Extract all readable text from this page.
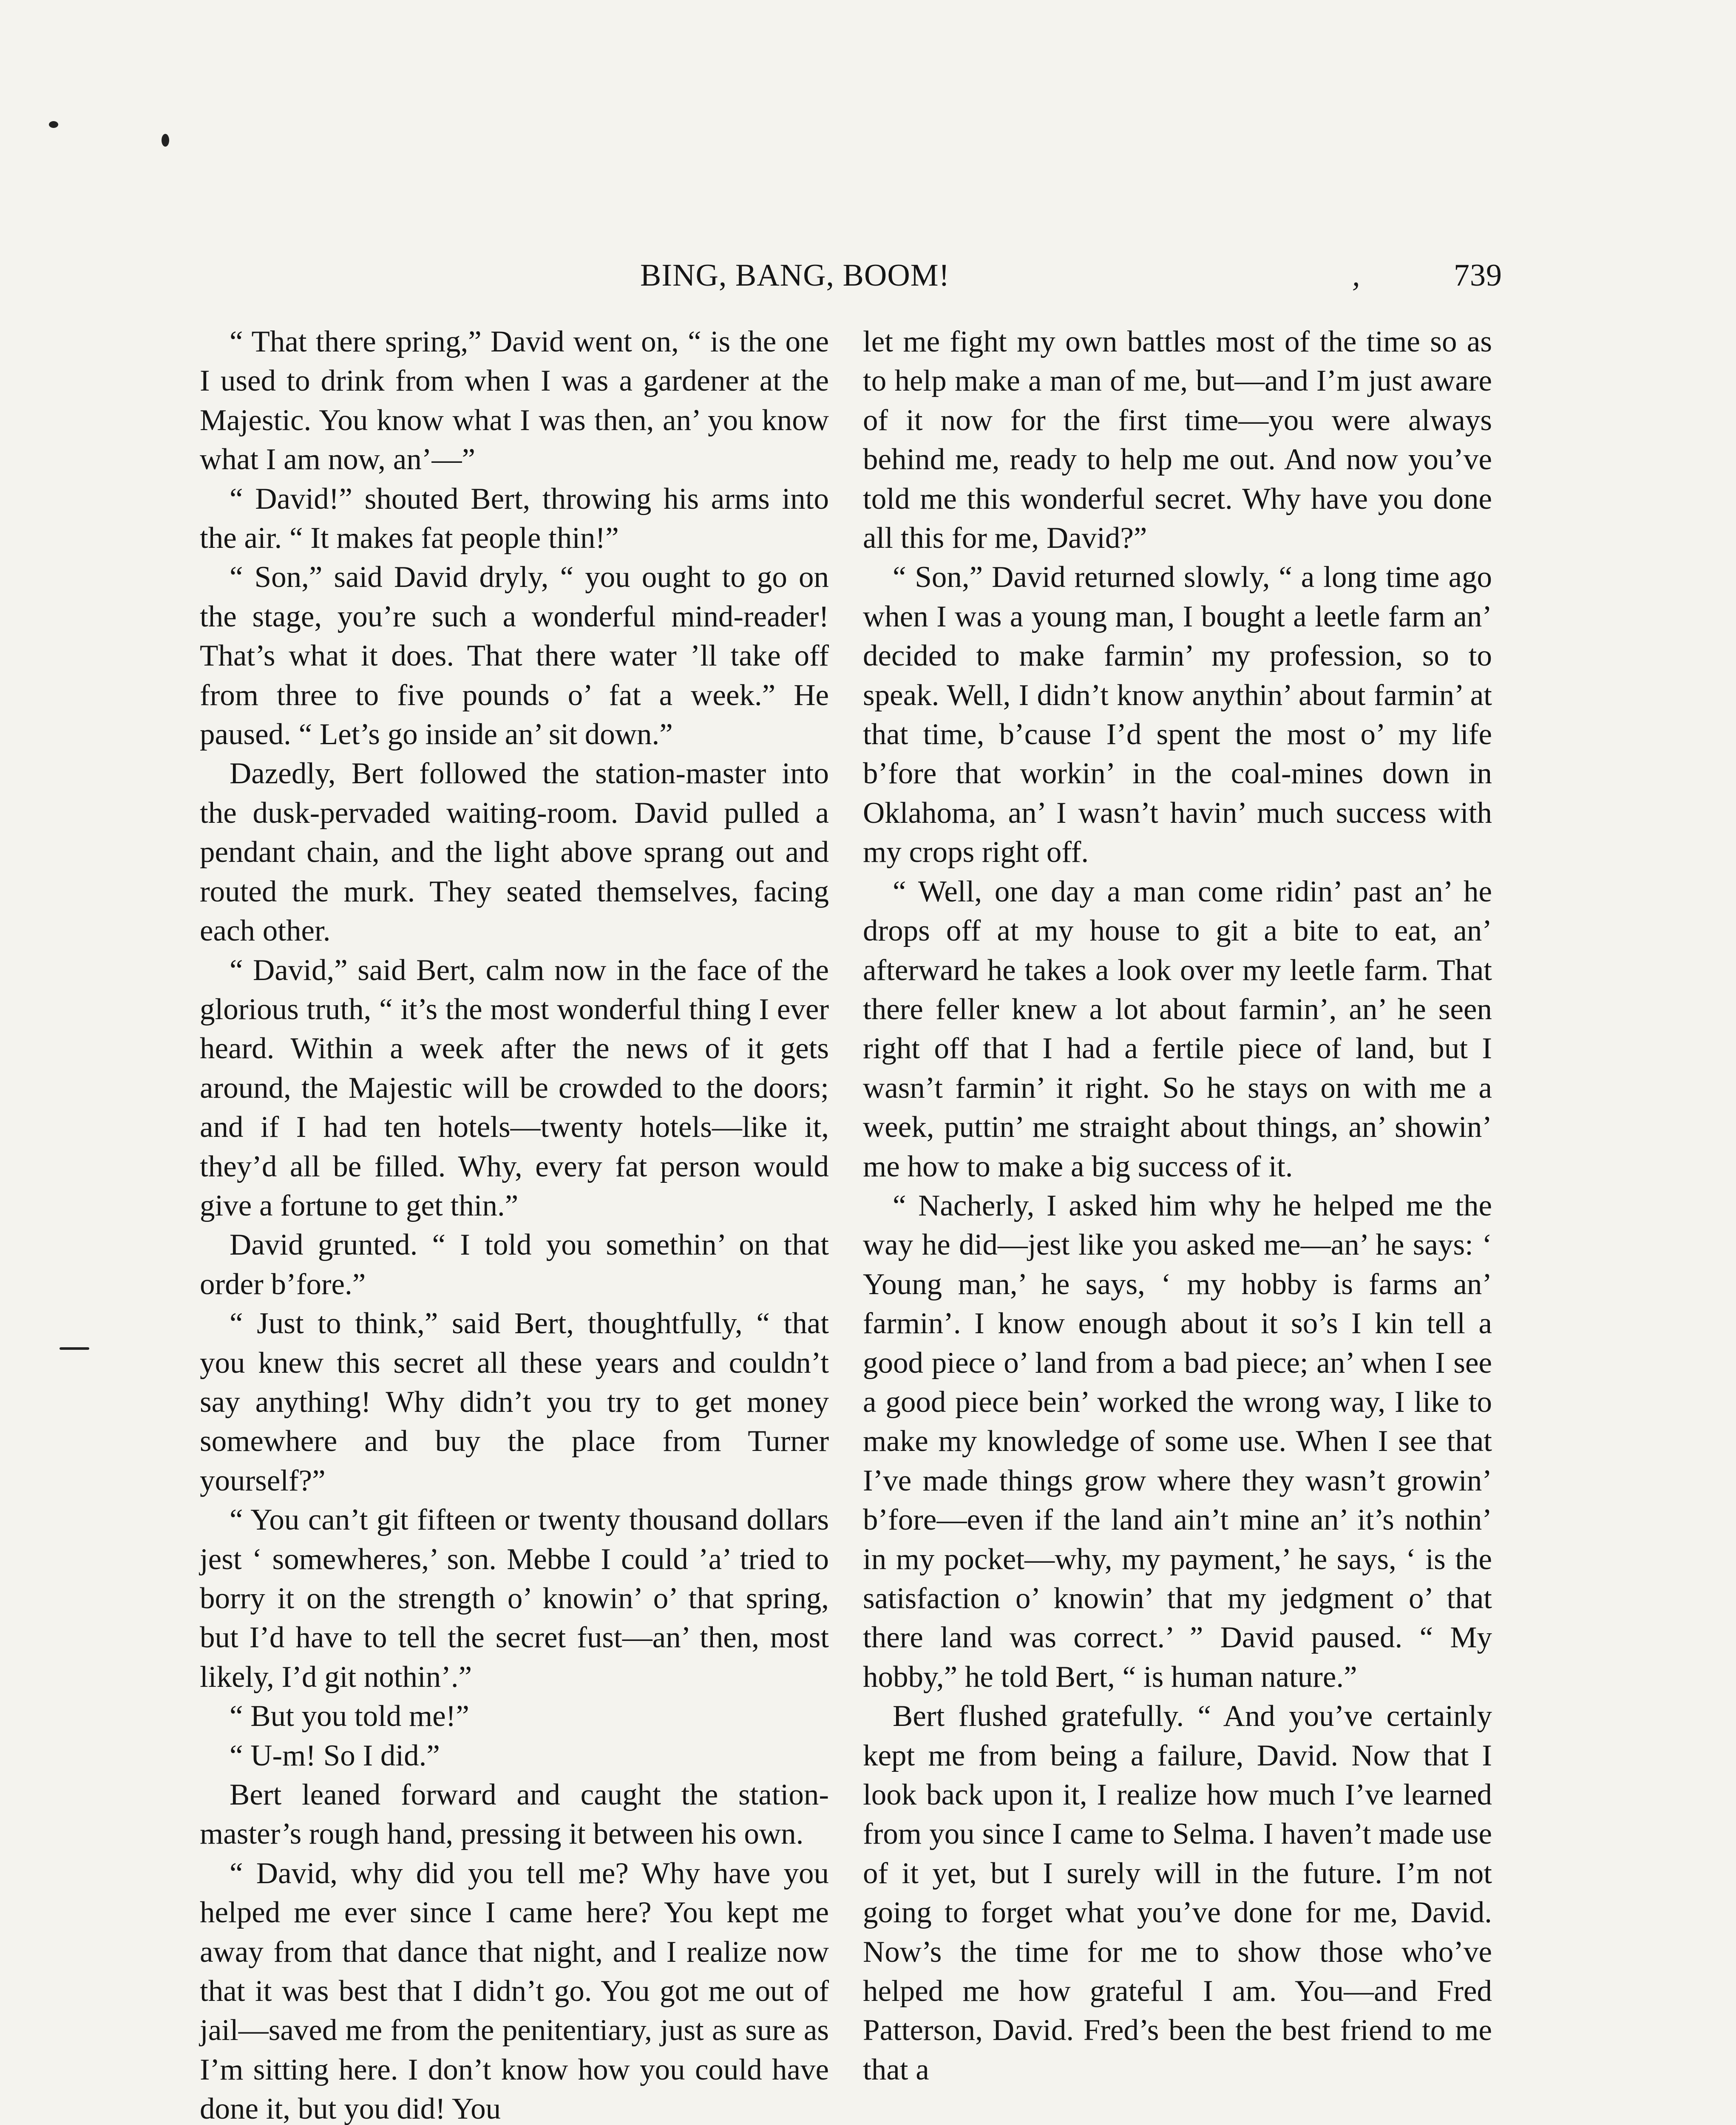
BING, BANG, BOOM!	,	739

“ That there spring,” David went on, “ is the one I used to drink from when I was a gardener at the Majestic. You know what I was then, an’ you know what I am now, an’—”

“ David!” shouted Bert, throwing his arms into the air. “ It makes fat people thin!”

“ Son,” said David dryly, “ you ought to go on the stage, you’re such a wonderful mind-reader! That’s what it does. That there water ’ll take off from three to five pounds o’ fat a week.” He paused. “ Let’s go inside an’ sit down.”

Dazedly, Bert followed the station-master into the dusk-pervaded waiting-room. David pulled a pendant chain, and the light above sprang out and routed the murk. They seated themselves, facing each other.

“ David,” said Bert, calm now in the face of the glorious truth, “ it’s the most wonderful thing I ever heard. Within a week after the news of it gets around, the Majestic will be crowded to the doors; and if I had ten hotels—twenty hotels—like it, they’d all be filled. Why, every fat person would give a fortune to get thin.”

David grunted. “ I told you somethin’ on that order b’fore.”

“ Just to think,” said Bert, thoughtfully, “ that you knew this secret all these years and couldn’t say anything! Why didn’t you try to get money somewhere and buy the place from Turner yourself?”

“ You can’t git fifteen or twenty thousand dollars jest ‘ somewheres,’ son. Mebbe I could ’a’ tried to borry it on the strength o’ knowin’ o’ that spring, but I’d have to tell the secret fust—an’ then, most likely, I’d git nothin’.”

“ But you told me!”

“ U-m! So I did.”

Bert leaned forward and caught the station-master’s rough hand, pressing it between his own.

“ David, why did you tell me? Why have you helped me ever since I came here? You kept me away from that dance that night, and I realize now that it was best that I didn’t go. You got me out of jail—saved me from the penitentiary, just as sure as I’m sitting here. I don’t know how you could have done it, but you did! You

let me fight my own battles most of the time so as to help make a man of me, but—and I’m just aware of it now for the first time—you were always behind me, ready to help me out. And now you’ve told me this wonderful secret. Why have you done all this for me, David?”

“ Son,” David returned slowly, “ a long time ago when I was a young man, I bought a leetle farm an’ decided to make farmin’ my profession, so to speak. Well, I didn’t know anythin’ about farmin’ at that time, b’cause I’d spent the most o’ my life b’fore that workin’ in the coal-mines down in Oklahoma, an’ I wasn’t havin’ much success with my crops right off.

“ Well, one day a man come ridin’ past an’ he drops off at my house to git a bite to eat, an’ afterward he takes a look over my leetle farm. That there feller knew a lot about farmin’, an’ he seen right off that I had a fertile piece of land, but I wasn’t farmin’ it right. So he stays on with me a week, puttin’ me straight about things, an’ showin’ me how to make a big success of it.

“ Nacherly, I asked him why he helped me the way he did—jest like you asked me—an’ he says: ‘ Young man,’ he says, ‘ my hobby is farms an’ farmin’. I know enough about it so’s I kin tell a good piece o’ land from a bad piece; an’ when I see a good piece bein’ worked the wrong way, I like to make my knowledge of some use. When I see that I’ve made things grow where they wasn’t growin’ b’fore—even if the land ain’t mine an’ it’s nothin’ in my pocket—why, my payment,’ he says, ‘ is the satisfaction o’ knowin’ that my jedgment o’ that there land was correct.’ ” David paused. “ My hobby,” he told Bert, “ is human nature.”

Bert flushed gratefully. “ And you’ve certainly kept me from being a failure, David. Now that I look back upon it, I realize how much I’ve learned from you since I came to Selma. I haven’t made use of it yet, but I surely will in the future. I’m not going to forget what you’ve done for me, David. Now’s the time for me to show those who’ve helped me how grateful I am. You—and Fred Patterson, David. Fred’s been the best friend to me that a
